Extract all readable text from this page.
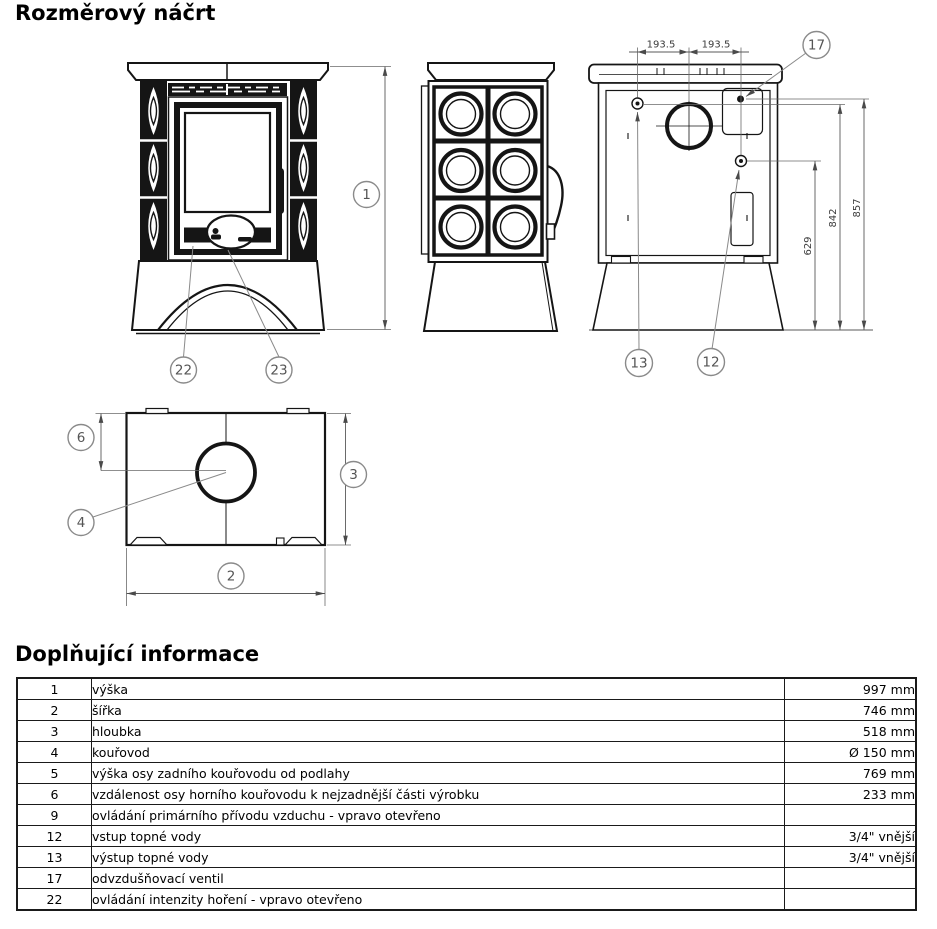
Rozměrový náčrt
1
22	23
193.5	193.5
629
842
857
17
13	12
6
4
3
2
Doplňující informace
1	výška	997 mm
2	šířka	746 mm
3	hloubka	518 mm
4	kouřovod	Ø 150 mm
5	výška osy zadního kouřovodu od podlahy	769 mm
6	vzdálenost osy horního kouřovodu k nejzadnější části výrobku	233 mm
9	ovládání primárního přívodu vzduchu - vpravo otevřeno	
12	vstup topné vody	3/4" vnější
13	výstup topné vody	3/4" vnější
17	odvzdušňovací ventil	
22	ovládání intenzity hoření - vpravo otevřeno	
